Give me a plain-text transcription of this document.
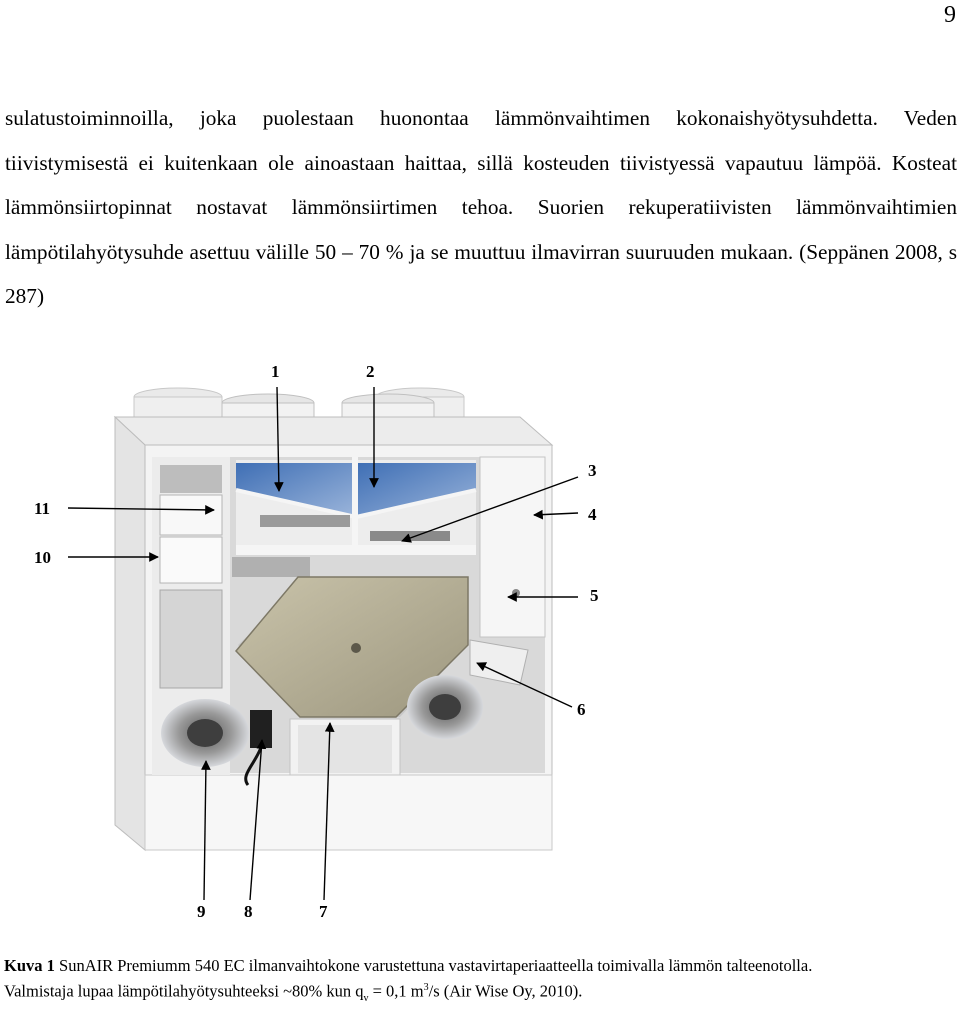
9

sulatustoiminnoilla, joka puolestaan huonontaa lämmönvaihtimen kokonaishyötysuhdetta. Veden tiivistymisestä ei kuitenkaan ole ainoastaan haittaa, sillä kosteuden tiivistyessä vapautuu lämpöä. Kosteat lämmönsiirtopinnat nostavat lämmönsiirtimen tehoa. Suorien rekuperatiivisten lämmönvaihtimien lämpötilahyötysuhde asettuu välille 50 – 70 % ja se muuttuu ilmavirran suuruuden mukaan. (Seppänen 2008, s 287)

1	2
3
4
5
6
7
8
9
10
11
Kuva 1 SunAIR Premiumm 540 EC ilmanvaihtokone varustettuna vastavirtaperiaatteella toimivalla lämmön talteenotolla.
Valmistaja lupaa lämpötilahyötysuhteeksi ~80% kun $q_v = 0,1$ $m^3/s$ (Air Wise Oy, 2010).
